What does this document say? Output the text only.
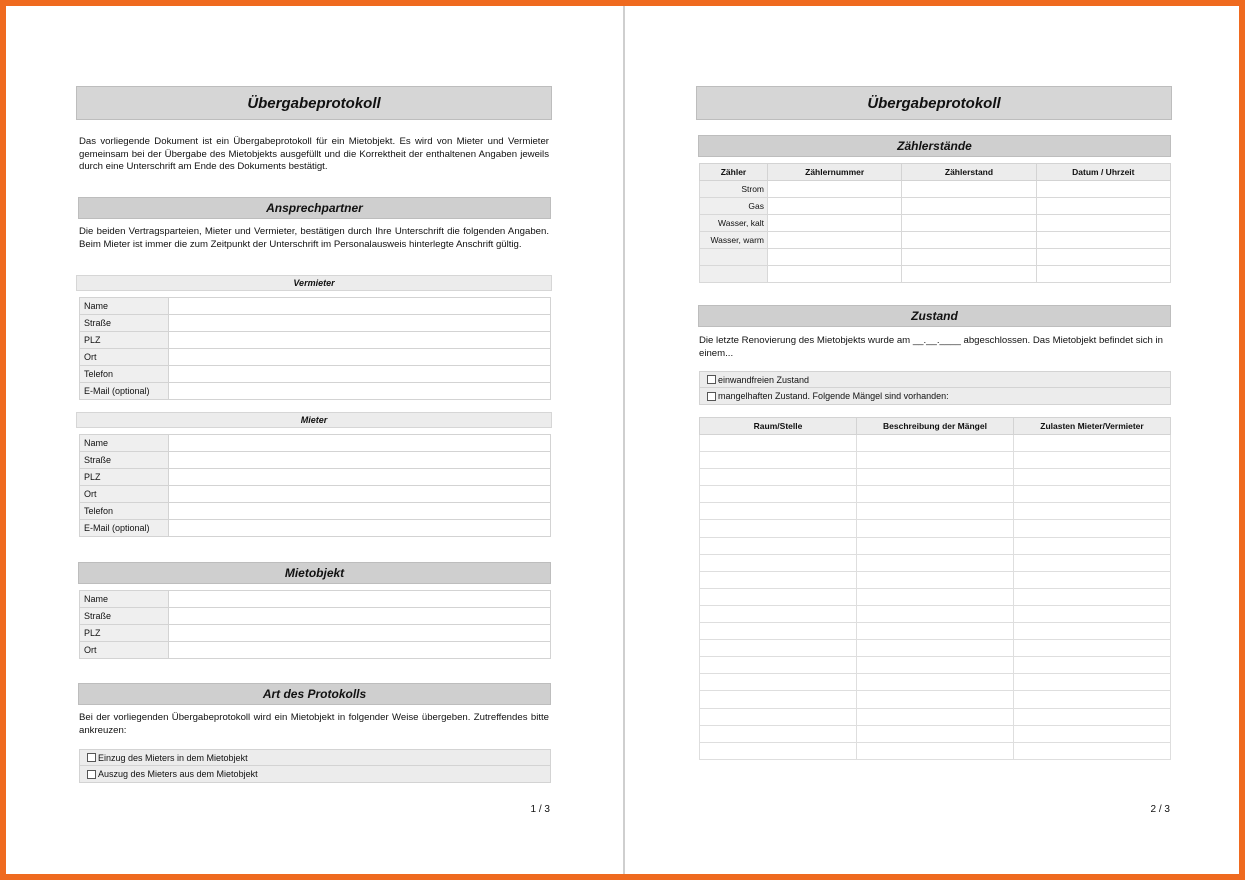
Übergabeprotokoll
Das vorliegende Dokument ist ein Übergabeprotokoll für ein Mietobjekt. Es wird von Mieter und Vermieter gemeinsam bei der Übergabe des Mietobjekts ausgefüllt und die Korrektheit der enthaltenen Angaben jeweils durch eine Unterschrift am Ende des Dokuments bestätigt.
Ansprechpartner
Die beiden Vertragsparteien, Mieter und Vermieter, bestätigen durch Ihre Unterschrift die folgenden Angaben. Beim Mieter ist immer die zum Zeitpunkt der Unterschrift im Personalausweis hinterlegte Anschrift gültig.
Vermieter
Name	
Straße	
PLZ	
Ort	
Telefon	
E-Mail (optional)	
Mieter
Name	
Straße	
PLZ	
Ort	
Telefon	
E-Mail (optional)	
Mietobjekt
Name	
Straße	
PLZ	
Ort	
Art des Protokolls
Bei der vorliegenden Übergabeprotokoll wird ein Mietobjekt in folgender Weise übergeben. Zutreffendes bitte ankreuzen:
Einzug des Mieters in dem Mietobjekt
Auszug des Mieters aus dem Mietobjekt
1 / 3
Übergabeprotokoll
Zählerstände
Zähler	Zählernummer	Zählerstand	Datum / Uhrzeit
Strom			
Gas			
Wasser, kalt			
Wasser, warm			

Zustand
Die letzte Renovierung des Mietobjekts wurde am __.__.____ abgeschlossen. Das Mietobjekt befindet sich in einem...
einwandfreien Zustand
mangelhaften Zustand. Folgende Mängel sind vorhanden:
Raum/Stelle	Beschreibung der Mängel	Zulasten Mieter/Vermieter

2 / 3
